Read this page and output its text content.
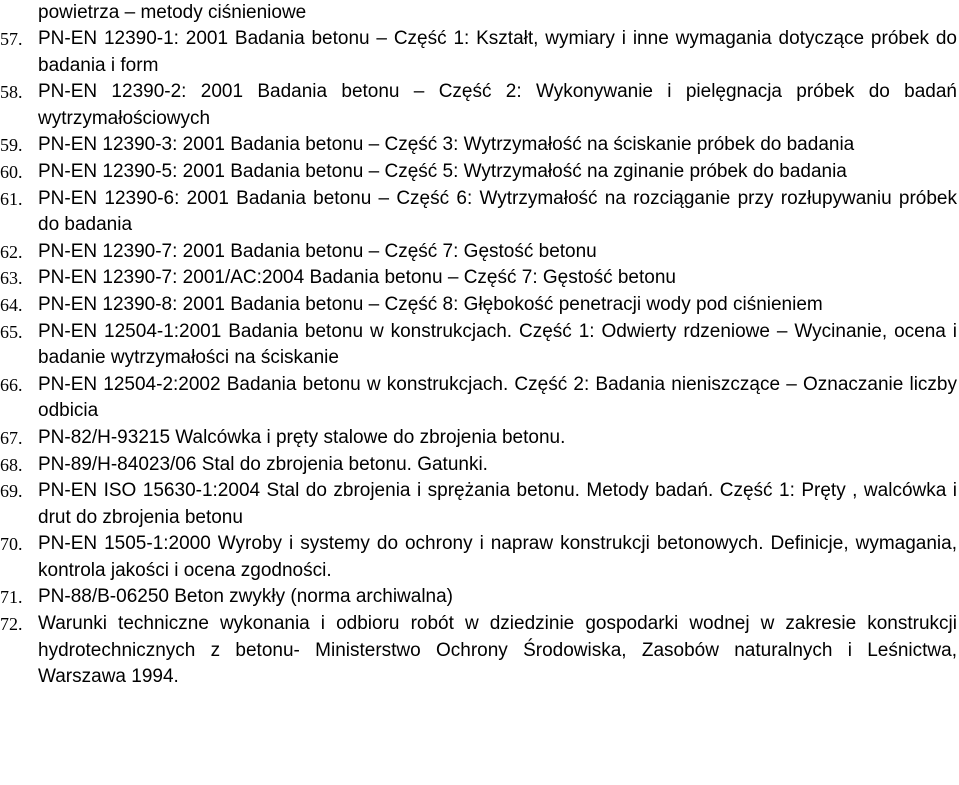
powietrza – metody ciśnieniowe
57. PN-EN 12390-1: 2001 Badania betonu – Część 1: Kształt, wymiary i inne wymagania dotyczące próbek do badania i form
58. PN-EN 12390-2: 2001 Badania betonu – Część 2: Wykonywanie i pielęgnacja próbek do badań wytrzymałościowych
59. PN-EN 12390-3: 2001 Badania betonu – Część 3: Wytrzymałość na ściskanie próbek do badania
60. PN-EN 12390-5: 2001 Badania betonu – Część 5: Wytrzymałość na zginanie próbek do badania
61. PN-EN 12390-6: 2001 Badania betonu – Część 6: Wytrzymałość na rozciąganie przy rozłupywaniu próbek do badania
62. PN-EN 12390-7: 2001 Badania betonu – Część 7: Gęstość betonu
63. PN-EN 12390-7: 2001/AC:2004 Badania betonu – Część 7: Gęstość betonu
64. PN-EN 12390-8: 2001 Badania betonu – Część 8: Głębokość penetracji wody pod ciśnieniem
65. PN-EN 12504-1:2001 Badania betonu w konstrukcjach. Część 1: Odwierty rdzeniowe – Wycinanie, ocena i badanie wytrzymałości na ściskanie
66. PN-EN 12504-2:2002 Badania betonu w konstrukcjach. Część 2: Badania nieniszczące – Oznaczanie liczby odbicia
67. PN-82/H-93215 Walcówka i pręty stalowe do zbrojenia betonu.
68. PN-89/H-84023/06 Stal do zbrojenia betonu. Gatunki.
69. PN-EN ISO 15630-1:2004 Stal do zbrojenia i sprężania betonu. Metody badań. Część 1: Pręty , walcówka i drut do zbrojenia betonu
70. PN-EN 1505-1:2000 Wyroby i systemy do ochrony i napraw konstrukcji betonowych. Definicje, wymagania, kontrola jakości i ocena zgodności.
71. PN-88/B-06250 Beton zwykły (norma archiwalna)
72. Warunki techniczne wykonania i odbioru robót w dziedzinie gospodarki wodnej w zakresie konstrukcji hydrotechnicznych z betonu- Ministerstwo Ochrony Środowiska, Zasobów naturalnych i Leśnictwa, Warszawa 1994.
